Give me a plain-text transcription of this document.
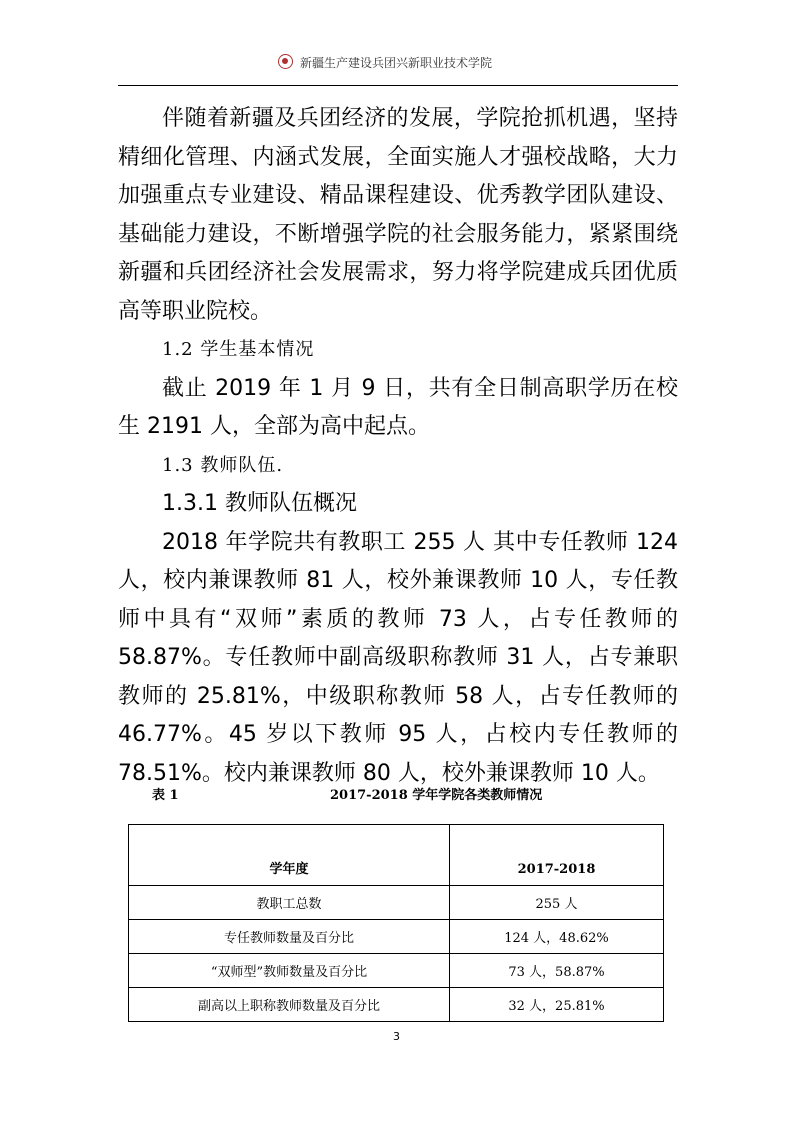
新疆生产建设兵团兴新职业技术学院

伴随着新疆及兵团经济的发展，学院抢抓机遇，坚持精细化管理、内涵式发展，全面实施人才强校战略，大力加强重点专业建设、精品课程建设、优秀教学团队建设、基础能力建设，不断增强学院的社会服务能力，紧紧围绕新疆和兵团经济社会发展需求，努力将学院建成兵团优质高等职业院校。

1.2 学生基本情况

截止 2019 年 1 月 9 日，共有全日制高职学历在校生 2191 人，全部为高中起点。

1.3 教师队伍.

1.3.1 教师队伍概况

2018 年学院共有教职工 255 人 其中专任教师 124 人，校内兼课教师 81 人，校外兼课教师 10 人，专任教师中具有“双师”素质的教师 73 人，占专任教师的 58.87%。专任教师中副高级职称教师 31 人，占专兼职教师的 25.81%，中级职称教师 58 人，占专任教师的 46.77%。45 岁以下教师 95 人，占校内专任教师的 78.51%。校内兼课教师 80 人，校外兼课教师 10 人。

表 1	2017-2018 学年学院各类教师情况
学年度	2017-2018
教职工总数	255 人
专任教师数量及百分比	124 人，48.62%
“双师型”教师数量及百分比	73 人，58.87%
副高以上职称教师数量及百分比	32 人，25.81%
3
